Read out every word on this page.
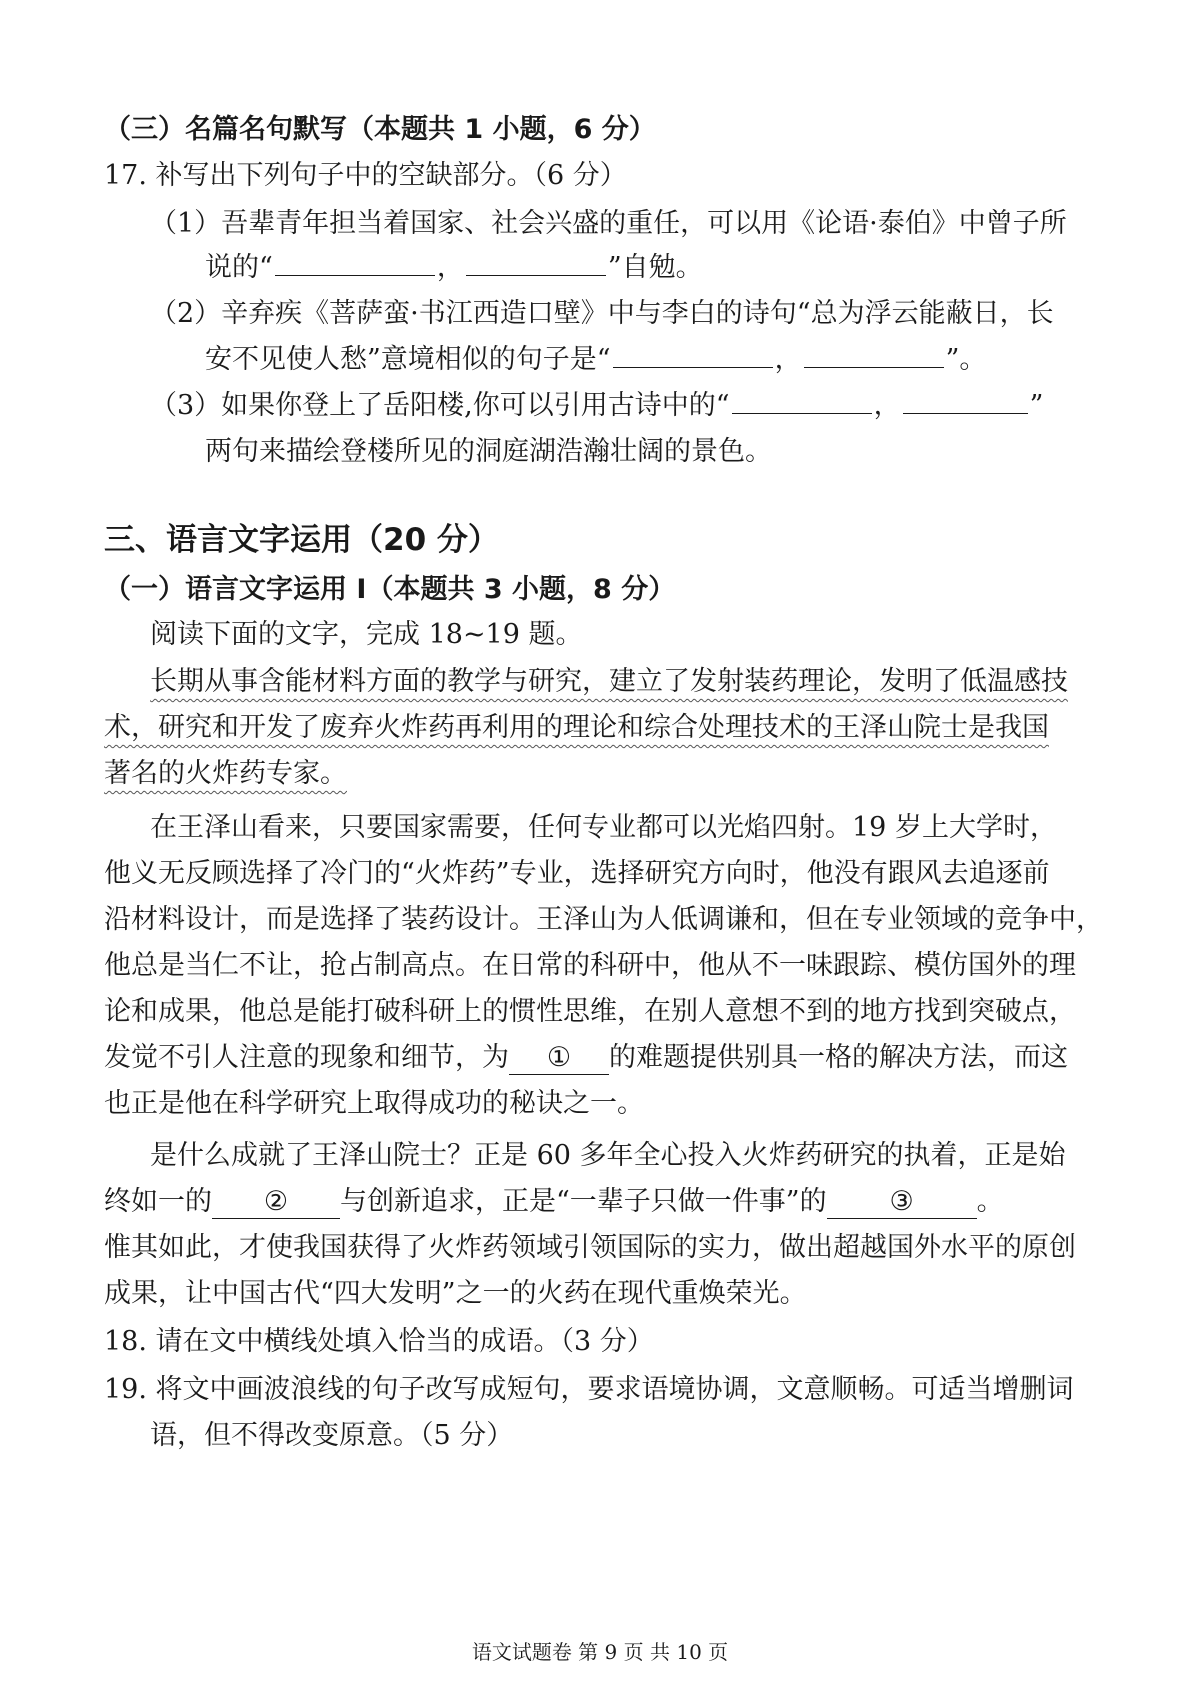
（三）名篇名句默写（本题共 1 小题，6 分）
17. 补写出下列句子中的空缺部分。（6 分）
（1）吾辈青年担当着国家、社会兴盛的重任，可以用《论语·泰伯》中曾子所
说的“	，	”自勉。
（2）辛弃疾《菩萨蛮·书江西造口壁》中与李白的诗句“总为浮云能蔽日，长
安不见使人愁”意境相似的句子是“	，	”。
（3）如果你登上了岳阳楼,你可以引用古诗中的“	，	”
两句来描绘登楼所见的洞庭湖浩瀚壮阔的景色。
三、语言文字运用（20 分）
（一）语言文字运用 I（本题共 3 小题，8 分）
阅读下面的文字，完成 18~19 题。
长期从事含能材料方面的教学与研究，建立了发射装药理论，发明了低温感技
术，研究和开发了废弃火炸药再利用的理论和综合处理技术的王泽山院士是我国
著名的火炸药专家。
在王泽山看来，只要国家需要，任何专业都可以光焰四射。19 岁上大学时，
他义无反顾选择了冷门的“火炸药”专业，选择研究方向时，他没有跟风去追逐前
沿材料设计，而是选择了装药设计。王泽山为人低调谦和，但在专业领域的竞争中，
他总是当仁不让，抢占制高点。在日常的科研中，他从不一味跟踪、模仿国外的理
论和成果，他总是能打破科研上的惯性思维，在别人意想不到的地方找到突破点，
发觉不引人注意的现象和细节，为 ① 的难题提供别具一格的解决方法，而这
也正是他在科学研究上取得成功的秘诀之一。
是什么成就了王泽山院士？正是 60 多年全心投入火炸药研究的执着，正是始
终如一的 ② 与创新追求，正是“一辈子只做一件事”的 ③ 。
惟其如此，才使我国获得了火炸药领域引领国际的实力，做出超越国外水平的原创
成果，让中国古代“四大发明”之一的火药在现代重焕荣光。
18. 请在文中横线处填入恰当的成语。（3 分）
19. 将文中画波浪线的句子改写成短句，要求语境协调，文意顺畅。可适当增删词
语，但不得改变原意。（5 分）
语文试题卷 第 9 页 共 10 页
